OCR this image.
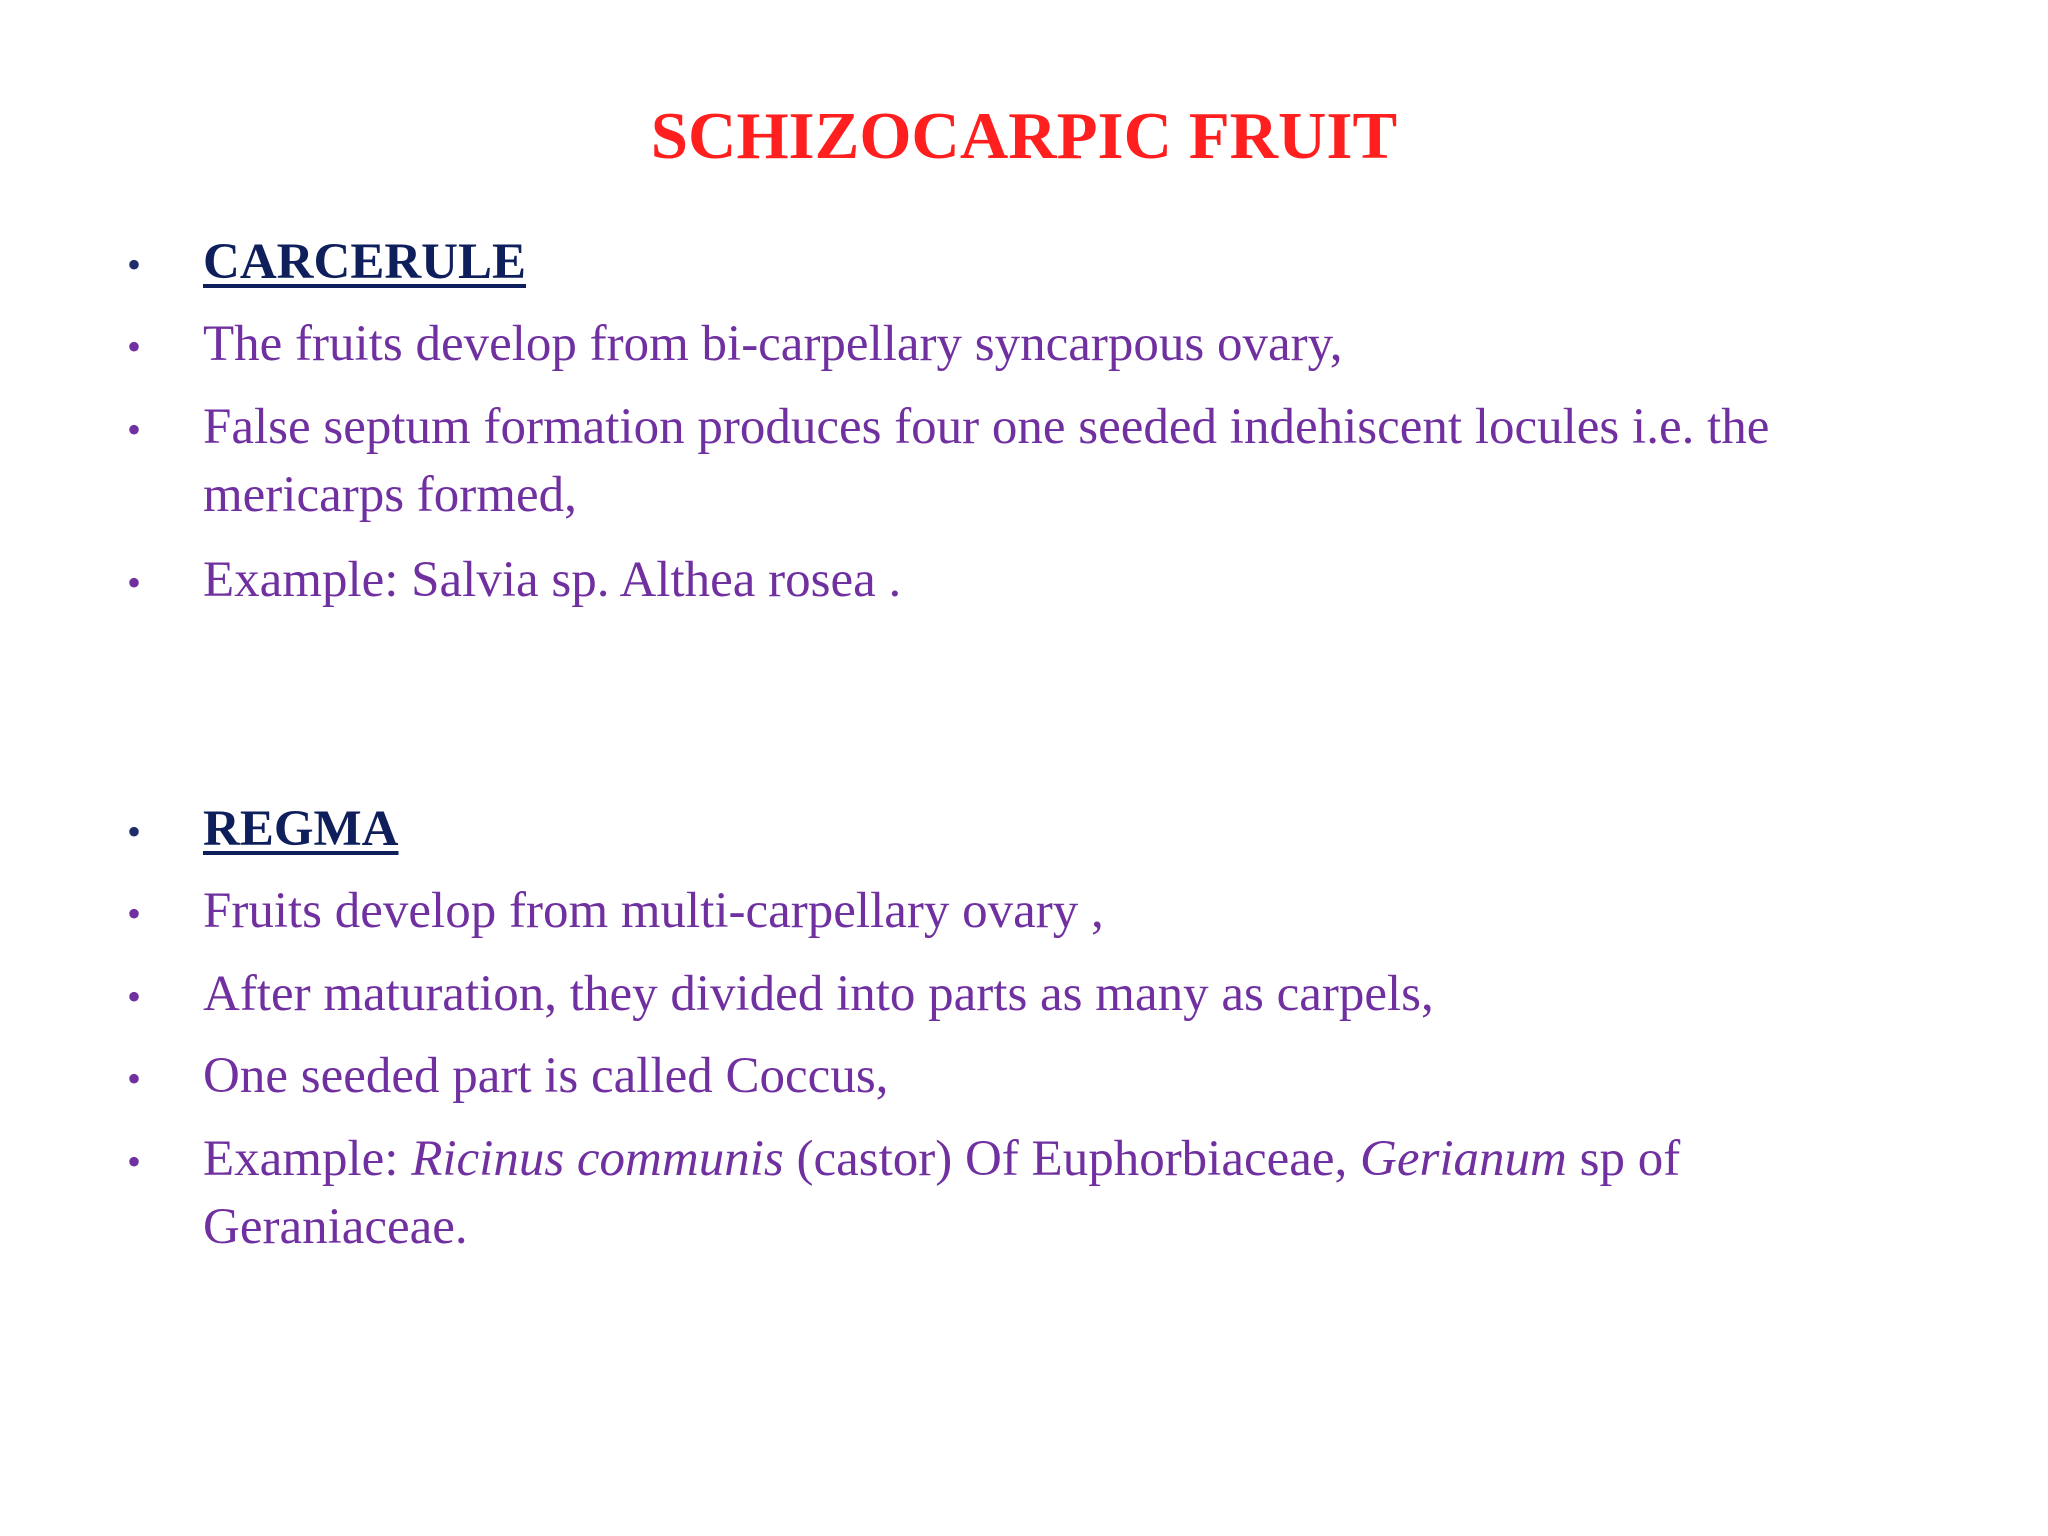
SCHIZOCARPIC FRUIT
• CARCERULE
• The fruits develop from bi-carpellary syncarpous ovary,
• False septum formation produces four one seeded indehiscent locules i.e. the mericarps formed,
• Example: Salvia sp. Althea rosea .
• REGMA
• Fruits develop from multi-carpellary ovary ,
• After maturation, they divided into parts as many as carpels,
• One seeded part is called Coccus,
• Example: Ricinus communis (castor) Of Euphorbiaceae, Gerianum sp of Geraniaceae.
